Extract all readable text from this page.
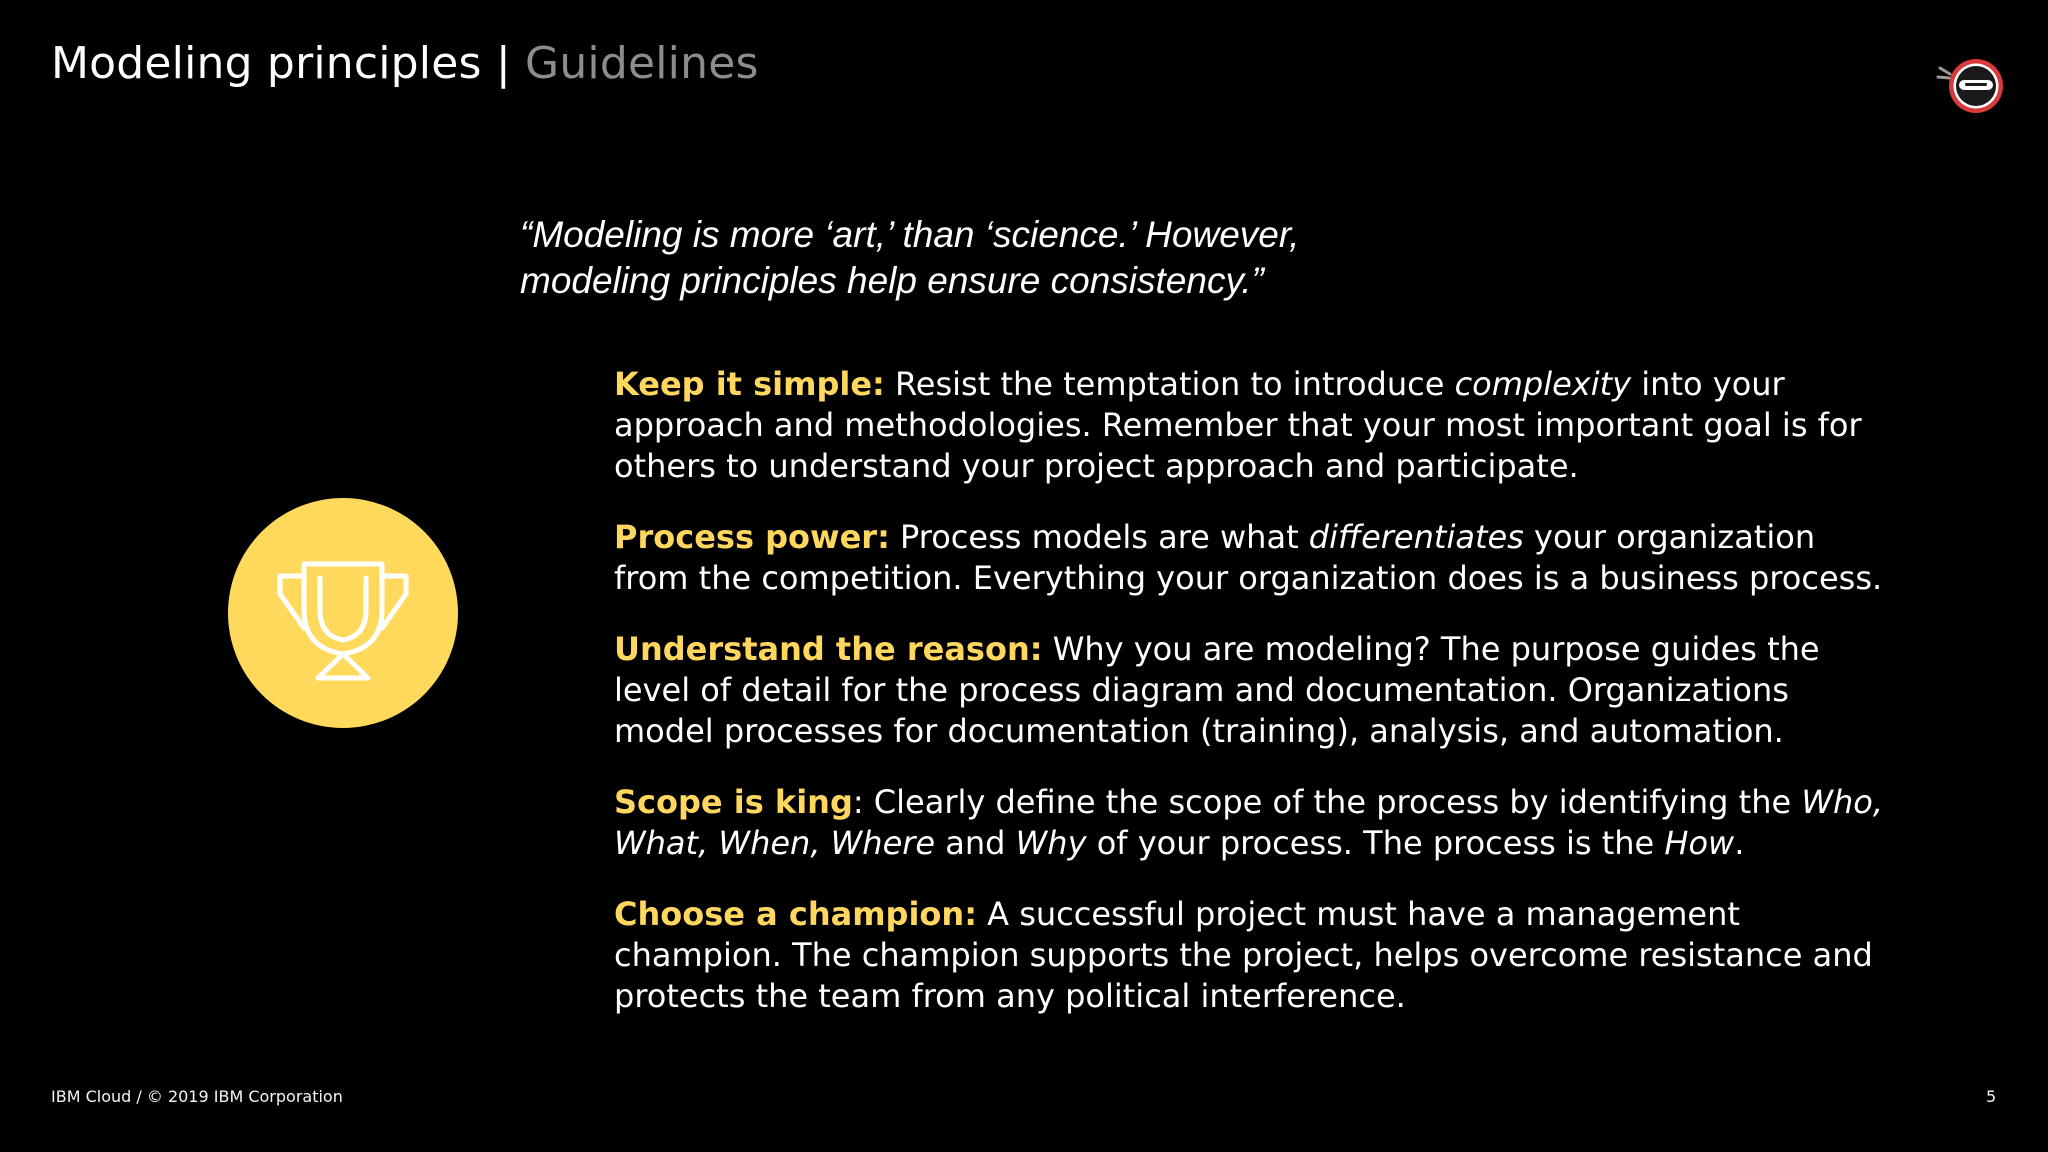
Modeling principles | Guidelines
“Modeling is more ‘art,’ than ‘science.’ However,
modeling principles help ensure consistency.”
Keep it simple: Resist the temptation to introduce complexity into your approach and methodologies. Remember that your most important goal is for others to understand your project approach and participate.
Process power: Process models are what differentiates your organization from the competition. Everything your organization does is a business process.
Understand the reason: Why you are modeling? The purpose guides the level of detail for the process diagram and documentation. Organizations model processes for documentation (training), analysis, and automation.
Scope is king: Clearly define the scope of the process by identifying the Who, What, When, Where and Why of your process. The process is the How.
Choose a champion: A successful project must have a management champion. The champion supports the project, helps overcome resistance and protects the team from any political interference.
IBM Cloud / © 2019 IBM Corporation	5
